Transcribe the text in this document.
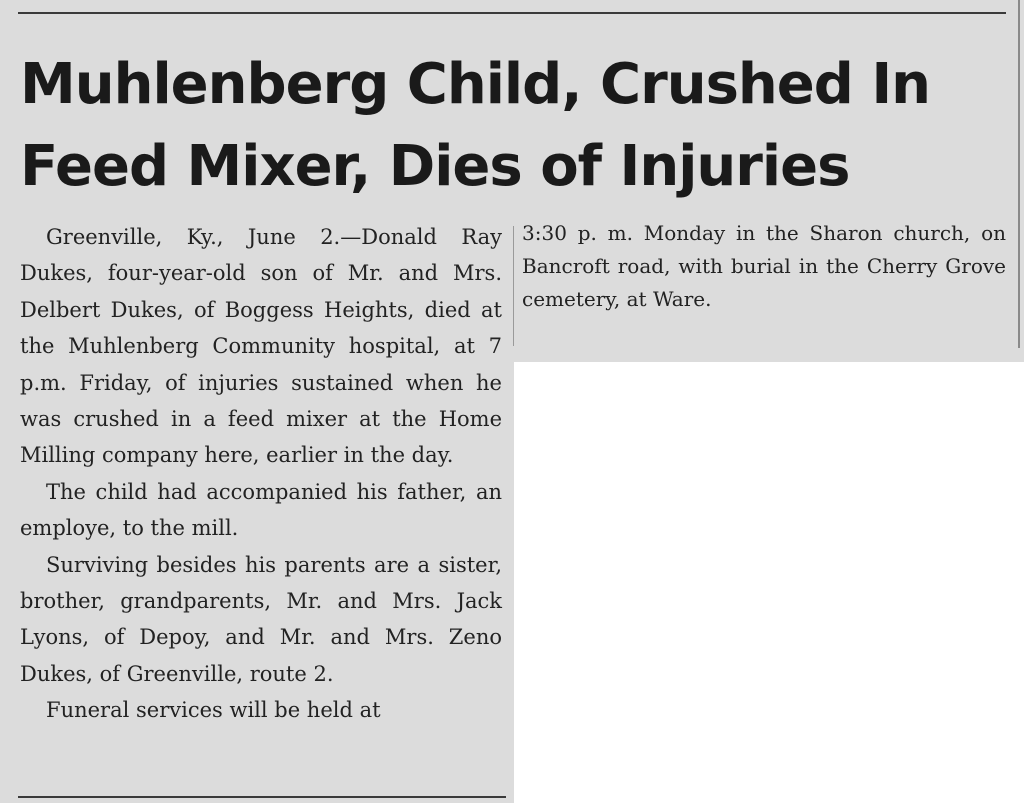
Muhlenberg Child, Crushed In
Feed Mixer, Dies of Injuries

Greenville, Ky., June 2.—Donald Ray Dukes, four-year-old son of Mr. and Mrs. Delbert Dukes, of Boggess Heights, died at the Muhlenberg Community hospital, at 7 p.m. Friday, of injuries sustained when he was crushed in a feed mixer at the Home Milling company here, earlier in the day.

The child had accompanied his father, an employe, to the mill.

Surviving besides his parents are a sister, brother, grandparents, Mr. and Mrs. Jack Lyons, of Depoy, and Mr. and Mrs. Zeno Dukes, of Greenville, route 2.

Funeral services will be held at

3:30 p. m. Monday in the Sharon church, on Bancroft road, with burial in the Cherry Grove cemetery, at Ware.
